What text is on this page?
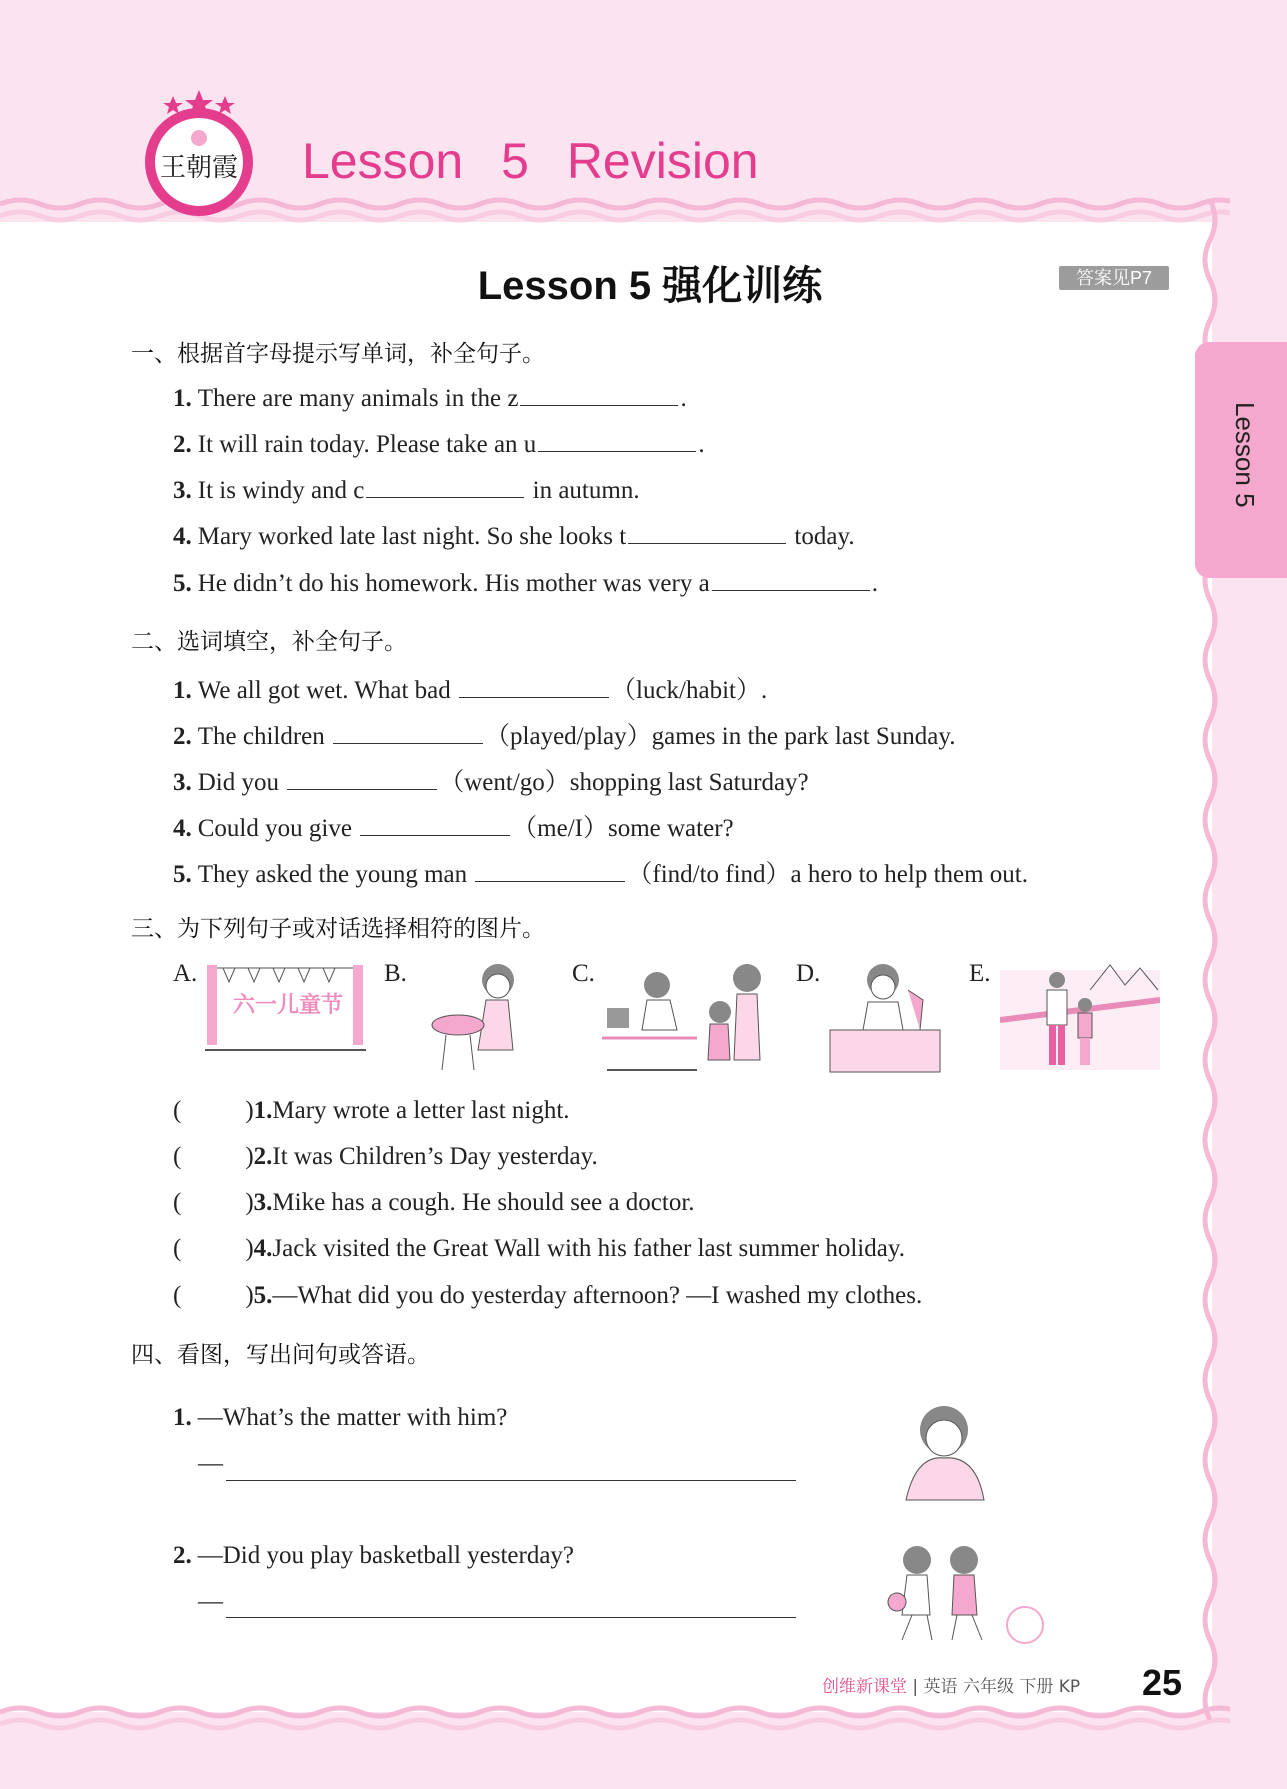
王朝霞 Lesson 5 Revision
Lesson 5 强化训练	答案见P7
Lesson 5
一、根据首字母提示写单词，补全句子。
1. There are many animals in the z	.
2. It will rain today. Please take an u	.
3. It is windy and c	in autumn.
4. Mary worked late last night. So she looks t	today.
5. He didn’t do his homework. His mother was very a	.
二、选词填空，补全句子。
1. We all got wet. What bad	（luck/habit）.
2. The children	（played/play）games in the park last Sunday.
3. Did you	（went/go）shopping last Saturday?
4. Could you give	（me/I）some water?
5. They asked the young man	（find/to find）a hero to help them out.
三、为下列句子或对话选择相符的图片。
A.
六一儿童节
B.	C.	D.	E.
(	)1.Mary wrote a letter last night.
(	)2.It was Children’s Day yesterday.
(	)3.Mike has a cough. He should see a doctor.
(	)4.Jack visited the Great Wall with his father last summer holiday.
(	)5.—What did you do yesterday afternoon? —I washed my clothes.
四、看图，写出问句或答语。
1. —What’s the matter with him?
—
2. —Did you play basketball yesterday?
—
创维新课堂 | 英语 六年级 下册 KP 25
